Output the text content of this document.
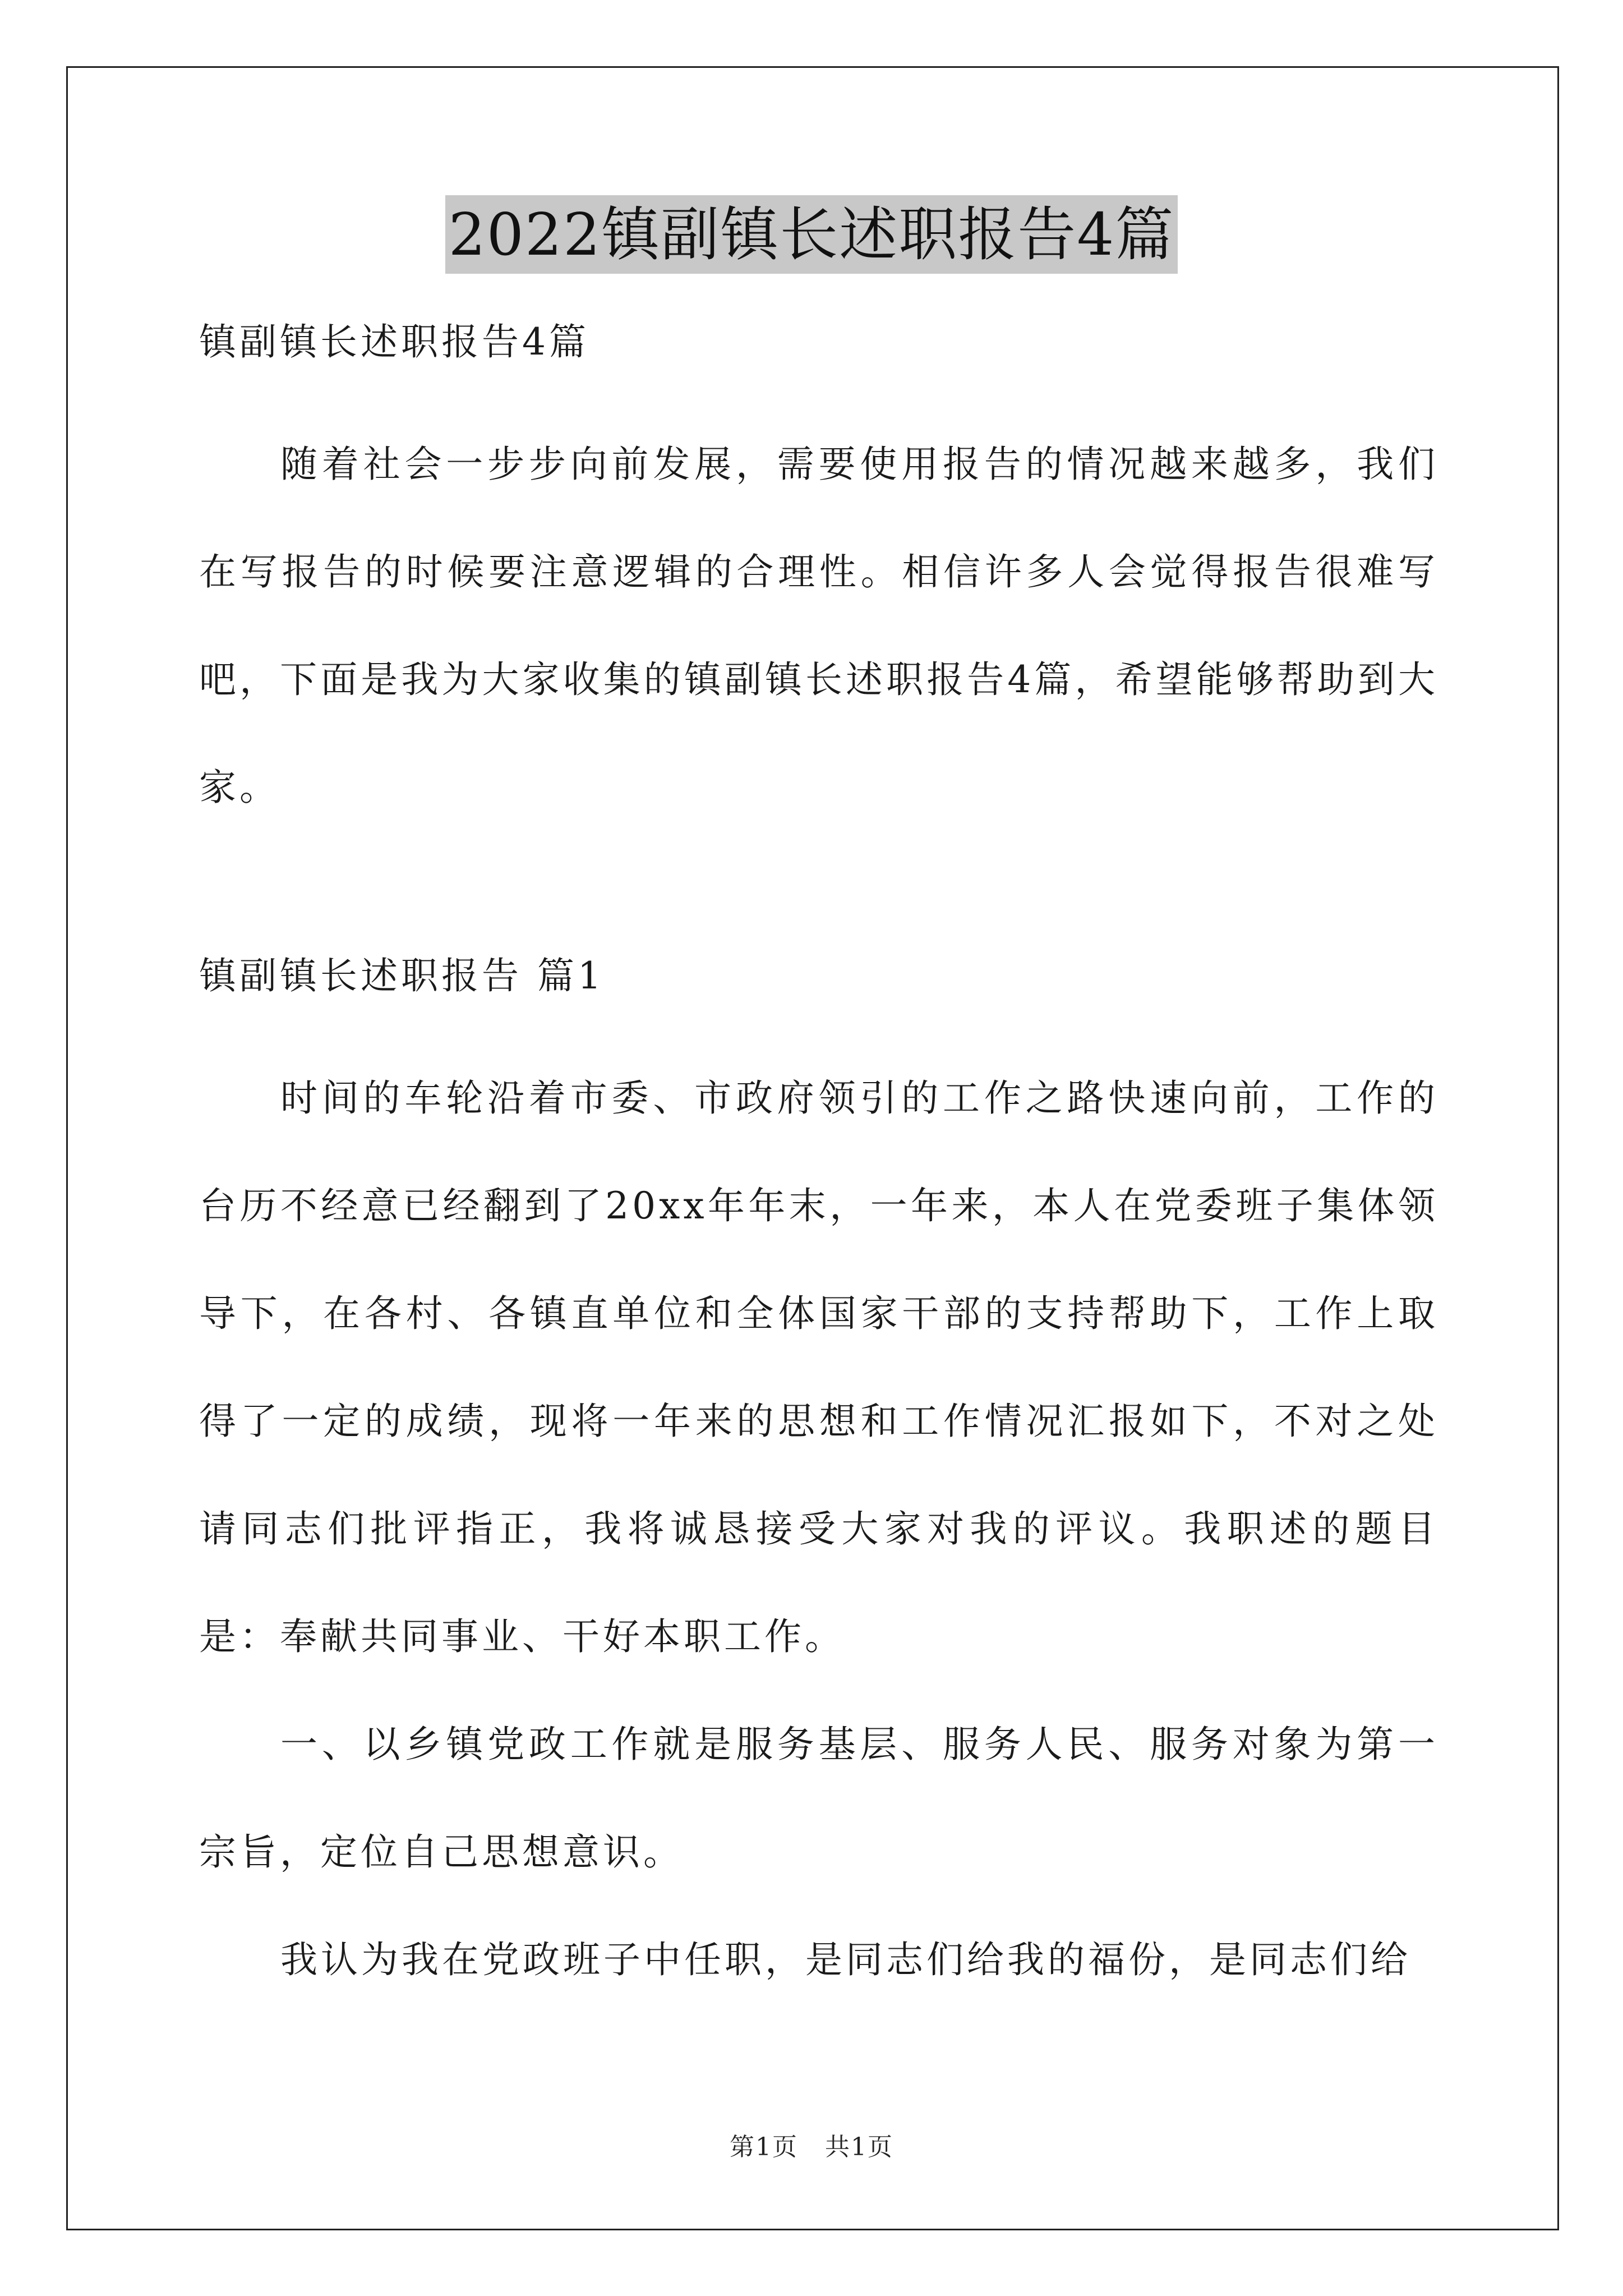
2022镇副镇长述职报告4篇

镇副镇长述职报告4篇

随着社会一步步向前发展，需要使用报告的情况越来越多，我们在写报告的时候要注意逻辑的合理性。相信许多人会觉得报告很难写吧，下面是我为大家收集的镇副镇长述职报告4篇，希望能够帮助到大家。

镇副镇长述职报告 篇1

时间的车轮沿着市委、市政府领引的工作之路快速向前，工作的台历不经意已经翻到了20xx年年末，一年来，本人在党委班子集体领导下，在各村、各镇直单位和全体国家干部的支持帮助下，工作上取得了一定的成绩，现将一年来的思想和工作情况汇报如下，不对之处请同志们批评指正，我将诚恳接受大家对我的评议。我职述的题目是：奉献共同事业、干好本职工作。

一、以乡镇党政工作就是服务基层、服务人民、服务对象为第一宗旨，定位自己思想意识。

我认为我在党政班子中任职，是同志们给我的福份，是同志们给

第1页 共1页
